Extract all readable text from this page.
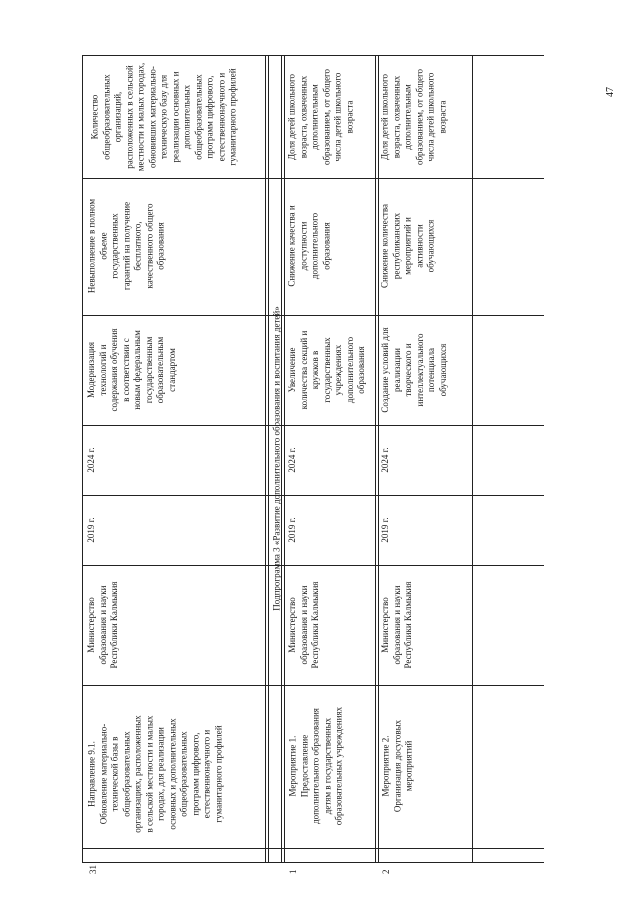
31
Направление 9.1.
Обновление материально-
технической базы в
общеобразовательных
организациях, расположенных
в сельской местности и малых
городах, для реализации
основных и дополнительных
общеобразовательных
программ цифрового,
естественнонаучного и
гуманитарного профилей
Министерство
образования и науки
Республики Калмыкия
2019 г.
2024 г.
Модернизация
технологий и
содержания обучения
в соответствии с
новым федеральным
государственным
образовательным
стандартом
Невыполнение в полном
объеме
государственных
гарантий на получение
бесплатного,
качественного общего
образования
Количество
общеобразовательных
организаций,
расположенных в сельской
местности и малых городах,
обновивших материально-
техническую базу для
реализации основных и
дополнительных
общеобразовательных
программ цифрового,
естественнонаучного и
гуманитарного профилей
Подпрограмма 3 «Развитие дополнительного образования и воспитания детей»
1
Мероприятие 1.
Предоставление
дополнительного образования
детям в государственных
образовательных учреждениях
Министерство
образования и науки
Республики Калмыкия
2019 г.
2024 г.
Увеличение
количества секций и
кружков в
государственных
учреждениях
дополнительного
образования
Снижение качества и
доступности
дополнительного
образования
Доля детей школьного
возраста, охваченных
дополнительным
образованием, от общего
числа детей школьного
возраста
2
Мероприятие 2.
Организация досуговых
мероприятий
Министерство
образования и науки
Республики Калмыкия
2019 г.
2024 г.
Создание условий для
реализации
творческого и
интеллектуального
потенциала
обучающихся
Снижение количества
республиканских
мероприятий и
активности
обучающихся
Доля детей школьного
возраста, охваченных
дополнительным
образованием, от общего
числа детей школьного
возраста
47
